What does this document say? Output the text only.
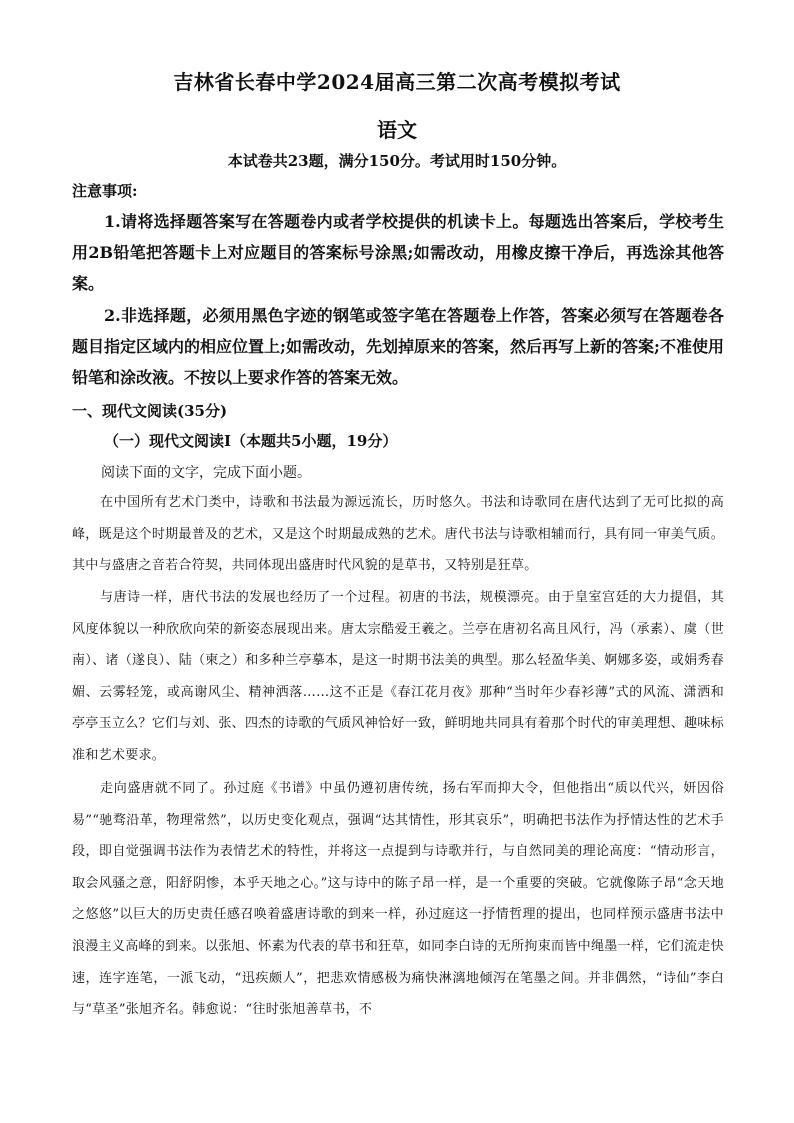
吉林省长春中学2024届高三第二次高考模拟考试
语文
本试卷共23题，满分150分。考试用时150分钟。
注意事项:
1.请将选择题答案写在答题卷内或者学校提供的机读卡上。每题选出答案后，学校考生用2B铅笔把答题卡上对应题目的答案标号涂黑;如需改动，用橡皮擦干净后，再选涂其他答案。
2.非选择题，必须用黑色字迹的钢笔或签字笔在答题卷上作答，答案必须写在答题卷各题目指定区域内的相应位置上;如需改动，先划掉原来的答案，然后再写上新的答案;不准使用铅笔和涂改液。不按以上要求作答的答案无效。
一、现代文阅读(35分)
（一）现代文阅读Ⅰ（本题共5小题，19分）
阅读下面的文字，完成下面小题。
在中国所有艺术门类中，诗歌和书法最为源远流长，历时悠久。书法和诗歌同在唐代达到了无可比拟的高峰，既是这个时期最普及的艺术，又是这个时期最成熟的艺术。唐代书法与诗歌相辅而行，具有同一审美气质。其中与盛唐之音若合符契，共同体现出盛唐时代风貌的是草书，又特别是狂草。
与唐诗一样，唐代书法的发展也经历了一个过程。初唐的书法，规模漂亮。由于皇室宫廷的大力提倡，其风度体貌以一种欣欣向荣的新姿态展现出来。唐太宗酷爱王羲之。兰亭在唐初名高且风行，冯（承素）、虞（世南）、诸（遂良）、陆（柬之）和多种兰亭摹本，是这一时期书法美的典型。那么轻盈华美、婀娜多姿，或娟秀春媚、云雾轻笼，或高谢风尘、精神洒落……这不正是《春江花月夜》那种“当时年少春衫薄”式的风流、潇洒和亭亭玉立么？它们与刘、张、四杰的诗歌的气质风神恰好一致，鲜明地共同具有着那个时代的审美理想、趣味标准和艺术要求。
走向盛唐就不同了。孙过庭《书谱》中虽仍遵初唐传统，扬右军而抑大令，但他指出“质以代兴，妍因俗易”“驰骛沿革，物理常然”，以历史变化观点，强调“达其情性，形其哀乐”，明确把书法作为抒情达性的艺术手段，即自觉强调书法作为表情艺术的特性，并将这一点提到与诗歌并行，与自然同美的理论高度：“情动形言，取会风骚之意，阳舒阴惨，本乎天地之心。”这与诗中的陈子昂一样，是一个重要的突破。它就像陈子昂“念天地之悠悠”以巨大的历史责任感召唤着盛唐诗歌的到来一样，孙过庭这一抒情哲理的提出，也同样预示盛唐书法中浪漫主义高峰的到来。以张旭、怀素为代表的草书和狂草，如同李白诗的无所拘束而皆中绳墨一样，它们流走快速，连字连笔，一派飞动，“迅疾颇人”，把悲欢情感极为痛快淋漓地倾泻在笔墨之间。并非偶然，“诗仙”李白与“草圣”张旭齐名。韩愈说：“往时张旭善草书，不
